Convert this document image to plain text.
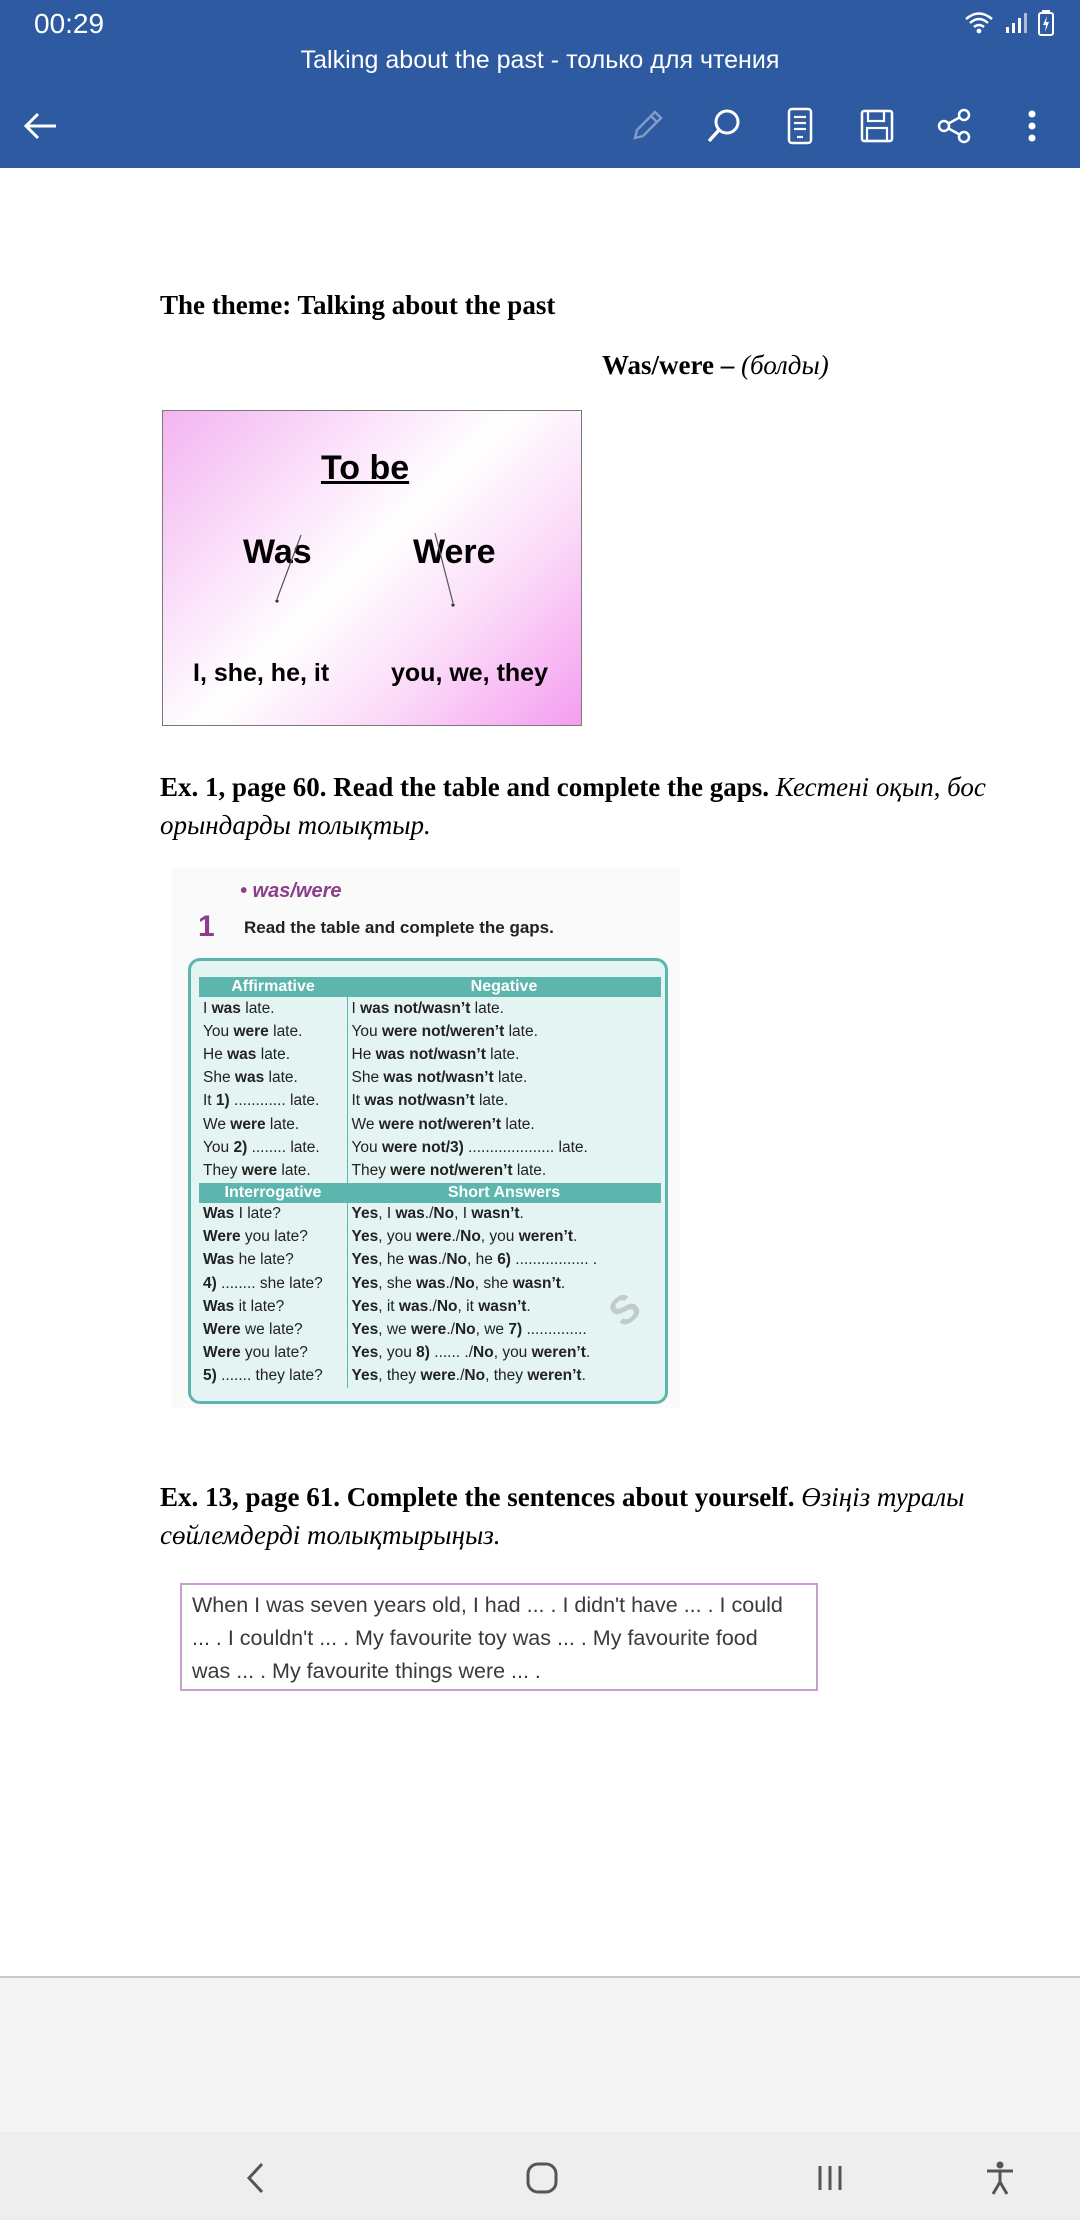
00:29
Talking about the past - только для чтения
The theme: Talking about the past
Was/were – (болды)
To be
Was	Were
I, she, he, it you, we, they
Ex. 1, page 60. Read the table and complete the gaps. Кестені оқып, бос
орындарды толықтыр.
• was/were
1 Read the table and complete the gaps.
Affirmative	Negative
I was late.	I was not/wasn’t late.
You were late.	You were not/weren’t late.
He was late.	He was not/wasn’t late.
She was late.	She was not/wasn’t late.
It 1) ............ late.	It was not/wasn’t late.
We were late.	We were not/weren’t late.
You 2) ........ late.	You were not/3) .................... late.
They were late.	They were not/weren’t late.
Interrogative	Short Answers
Was I late?	Yes, I was./No, I wasn’t.
Were you late?	Yes, you were./No, you weren’t.
Was he late?	Yes, he was./No, he 6) ................. .
4) ........ she late?	Yes, she was./No, she wasn’t.
Was it late?	Yes, it was./No, it wasn’t.
Were we late?	Yes, we were./No, we 7) ..............
Were you late?	Yes, you 8) ...... ./No, you weren’t.
5) ....... they late?	Yes, they were./No, they weren’t.
S
Ex. 13, page 61. Complete the sentences about yourself. Өзіңіз туралы
сөйлемдерді толықтырыңыз.
When I was seven years old, I had ... . I didn't have ... . I could
... . I couldn't ... . My favourite toy was ... . My favourite food
was ... . My favourite things were ... .
